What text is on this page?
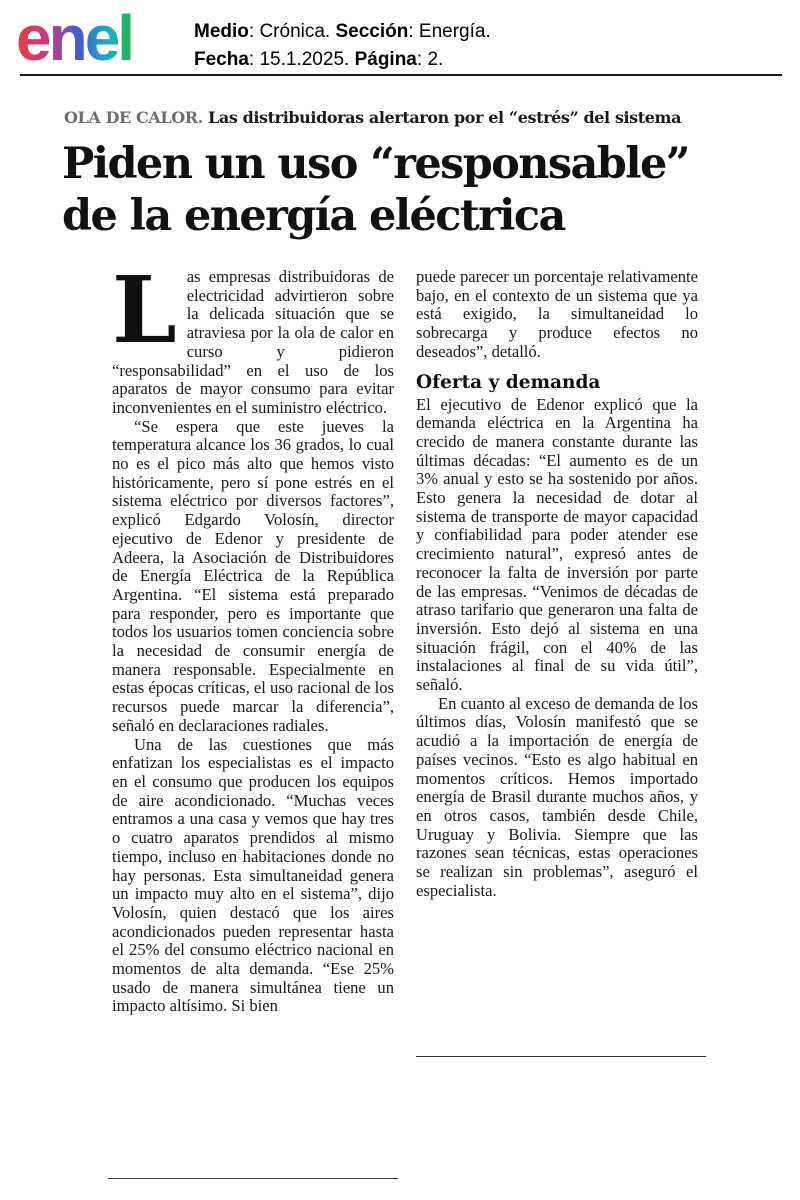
enel	Medio: Crónica. Sección: Energía.
Fecha: 15.1.2025. Página: 2.
OLA DE CALOR. Las distribuidoras alertaron por el “estrés” del sistema
Piden un uso “responsable”
de la energía eléctrica

Las empresas distribuidoras de electricidad advirtieron sobre la delicada situación que se atraviesa por la ola de calor en curso y pidieron “responsabilidad” en el uso de los aparatos de mayor consumo para evitar inconvenientes en el suministro eléctrico.

“Se espera que este jueves la temperatura alcance los 36 grados, lo cual no es el pico más alto que hemos visto históricamente, pero sí pone estrés en el sistema eléctrico por diversos factores”, explicó Edgardo Volosín, director ejecutivo de Edenor y presidente de Adeera, la Asociación de Distribuidores de Energía Eléctrica de la República Argentina. “El sistema está preparado para responder, pero es importante que todos los usuarios tomen conciencia sobre la necesidad de consumir energía de manera responsable. Especialmente en estas épocas críticas, el uso racional de los recursos puede marcar la diferencia”, señaló en declaraciones radiales.

Una de las cuestiones que más enfatizan los especialistas es el impacto en el consumo que producen los equipos de aire acondicionado. “Muchas veces entramos a una casa y vemos que hay tres o cuatro aparatos prendidos al mismo tiempo, incluso en habitaciones donde no hay personas. Esta simultaneidad genera un impacto muy alto en el sistema”, dijo Volosín, quien destacó que los aires acondicionados pueden representar hasta el 25% del consumo eléctrico nacional en momentos de alta demanda. “Ese 25% usado de manera simultánea tiene un impacto altísimo. Si bien

puede parecer un porcentaje relativamente bajo, en el contexto de un sistema que ya está exigido, la simultaneidad lo sobrecarga y produce efectos no deseados”, detalló.

Oferta y demanda

El ejecutivo de Edenor explicó que la demanda eléctrica en la Argentina ha crecido de manera constante durante las últimas décadas: “El aumento es de un 3% anual y esto se ha sostenido por años. Esto genera la necesidad de dotar al sistema de transporte de mayor capacidad y confiabilidad para poder atender ese crecimiento natural”, expresó antes de reconocer la falta de inversión por parte de las empresas. “Venimos de décadas de atraso tarifario que generaron una falta de inversión. Esto dejó al sistema en una situación frágil, con el 40% de las instalaciones al final de su vida útil”, señaló.

En cuanto al exceso de demanda de los últimos días, Volosín manifestó que se acudió a la importación de energía de países vecinos. “Esto es algo habitual en momentos críticos. Hemos importado energía de Brasil durante muchos años, y en otros casos, también desde Chile, Uruguay y Bolivia. Siempre que las razones sean técnicas, estas operaciones se realizan sin problemas”, aseguró el especialista.
